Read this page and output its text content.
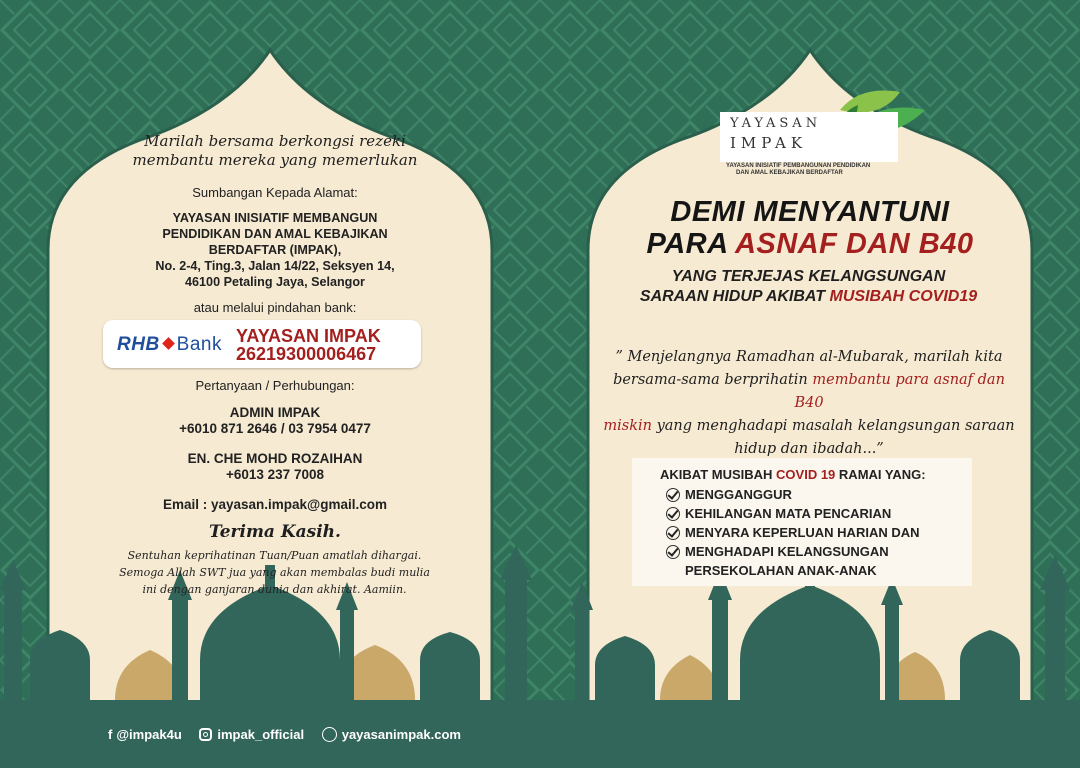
Marilah bersama berkongsi rezeki
membantu mereka yang memerlukan
Sumbangan Kepada Alamat:
YAYASAN INISIATIF MEMBANGUN
PENDIDIKAN DAN AMAL KEBAJIKAN
BERDAFTAR (IMPAK),
No. 2-4, Ting.3, Jalan 14/22, Seksyen 14,
46100 Petaling Jaya, Selangor
atau melalui pindahan bank:
RHB Bank YAYASAN IMPAK
26219300006467
Pertanyaan / Perhubungan:
ADMIN IMPAK
+6010 871 2646 / 03 7954 0477
EN. CHE MOHD ROZAIHAN
+6013 237 7008
Email : yayasan.impak@gmail.com
Terima Kasih.
Sentuhan keprihatinan Tuan/Puan amatlah dihargai.
Semoga Allah SWT jua yang akan membalas budi mulia
ini dengan ganjaran dunia dan akhirat. Aamiin.
YAYASAN
IMPAK
YAYASAN INISIATIF PEMBANGUNAN PENDIDIKAN
DAN AMAL KEBAJIKAN BERDAFTAR
DEMI MENYANTUNI
PARA ASNAF DAN B40
YANG TERJEJAS KELANGSUNGAN
SARAAN HIDUP AKIBAT MUSIBAH COVID19
” Menjelangnya Ramadhan al-Mubarak, marilah kita
bersama-sama berprihatin membantu para asnaf dan B40
miskin yang menghadapi masalah kelangsungan saraan
hidup dan ibadah...”
AKIBAT MUSIBAH COVID 19 RAMAI YANG:
MENGGANGGUR
KEHILANGAN MATA PENCARIAN
MENYARA KEPERLUAN HARIAN DAN
MENGHADAPI KELANGSUNGAN
PERSEKOLAHAN ANAK-ANAK
f @impak4u	impak_official	yayasanimpak.com
